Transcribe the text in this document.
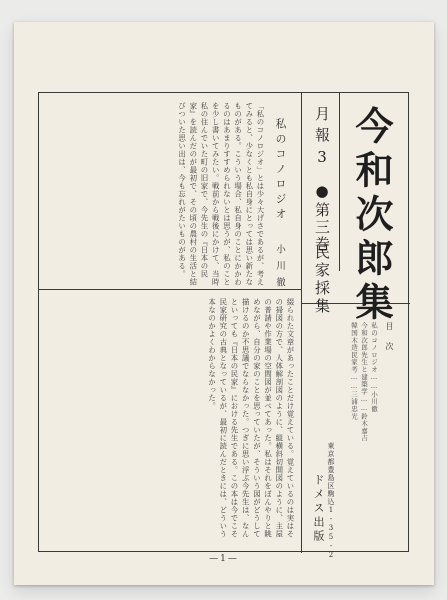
今和次郎集
月報3
●第三巻
民家採集
私のコノロジオ
小川徹
「私のコノロジオ」とは少々大げさであるが、考えてみると、少なくとも私自身にとっては思い新たなものがある。こういう場合、私自身のことにかかわるのはあまりすすめられないとは思うが、私のことを少し書いてみたい。戦前から戦後にかけて、当時私の住んでいた町の旧家で、今先生の『日本の民家』を読んだのが最初で、その頃の農村の生活と結びついた思い出は、今も忘れがたいものがある。
綴られた文章があったことだけ覚えている。覚えているのは実はその掃図の方で、人体解剖図のように、縦横斜切開図のように、主屋の普請や作業場の空間図が並べてあった。私はそれをぼんやりと眺めながら、自分の家のことを思っていたが、そういう図がどうして描けるのか不思議でならなかった。つぎに思い浮ぶ今先生は、なんといっても『日本の民家』における先生である。この本は今でこそ民家研究の古典となっているが、最初に読んだときには、どういう本なのかよくわからなかった。	目次
私のコノロジオ……小川徹
今和次郎先生と建築学……鈴木嘉吉
韓国木造民家考……三浦忠光
東京都豊島区駒込1-35-2
ドメス出版
—1—
